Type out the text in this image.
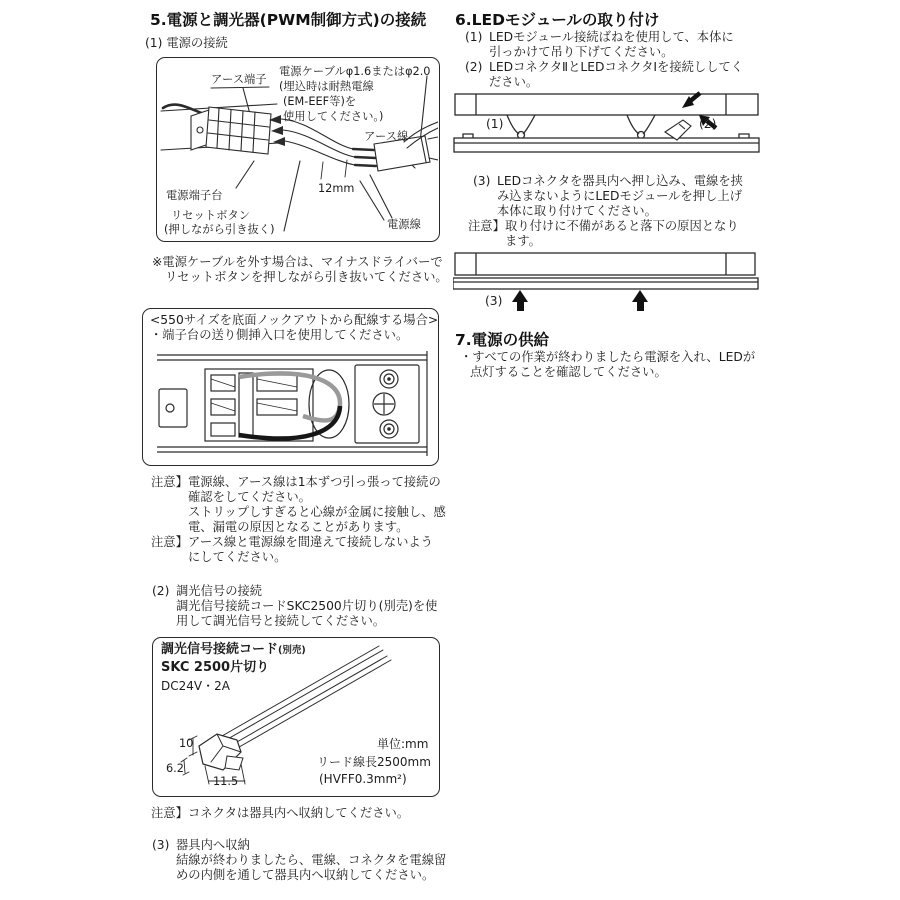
5.電源と調光器(PWM制御方式)の接続
(1) 電源の接続
アース端子
電源ケーブルφ1.6またはφ2.0
(埋込時は耐熱電線
(EM-EEF等)を
使用してください。)
アース線
12mm
電源端子台
リセットボタン
(押しながら引き抜く)	電源線
※電源ケーブルを外す場合は、マイナスドライバーで
リセットボタンを押しながら引き抜いてください。
<550サイズを底面ノックアウトから配線する場合>
・端子台の送り側挿入口を使用してください。
注意】 電源線、アース線は1本ずつ引っ張って接続の
確認をしてください。
ストリップしすぎると心線が金属に接触し、感
電、漏電の原因となることがあります。
注意】 アース線と電源線を間違えて接続しないよう
にしてください。
(2) 調光信号の接続
調光信号接続コードSKC2500片切り(別売)を使
用して調光信号と接続してください。
調光信号接続コード(別売)
SKC 2500片切り
DC24V・2A
10
6.2
11.5
単位:mm
リード線長2500mm
(HVFF0.3mm²)
注意】 コネクタは器具内へ収納してください。
(3) 器具内へ収納
結線が終わりましたら、電線、コネクタを電線留
めの内側を通して器具内へ収納してください。
6.LEDモジュールの取り付け
(1) LEDモジュール接続ばねを使用して、本体に
引っかけて吊り下げてください。
(2) LEDコネクタⅡとLEDコネクタⅠを接続ししてく
ださい。
(1)	(2)
(3) LEDコネクタを器具内へ押し込み、電線を挟
み込まないようにLEDモジュールを押し上げ
本体に取り付けてください。
注意】 取り付けに不備があると落下の原因となり
ます。
(3)
7.電源の供給
・すべての作業が終わりましたら電源を入れ、LEDが
点灯することを確認してください。
